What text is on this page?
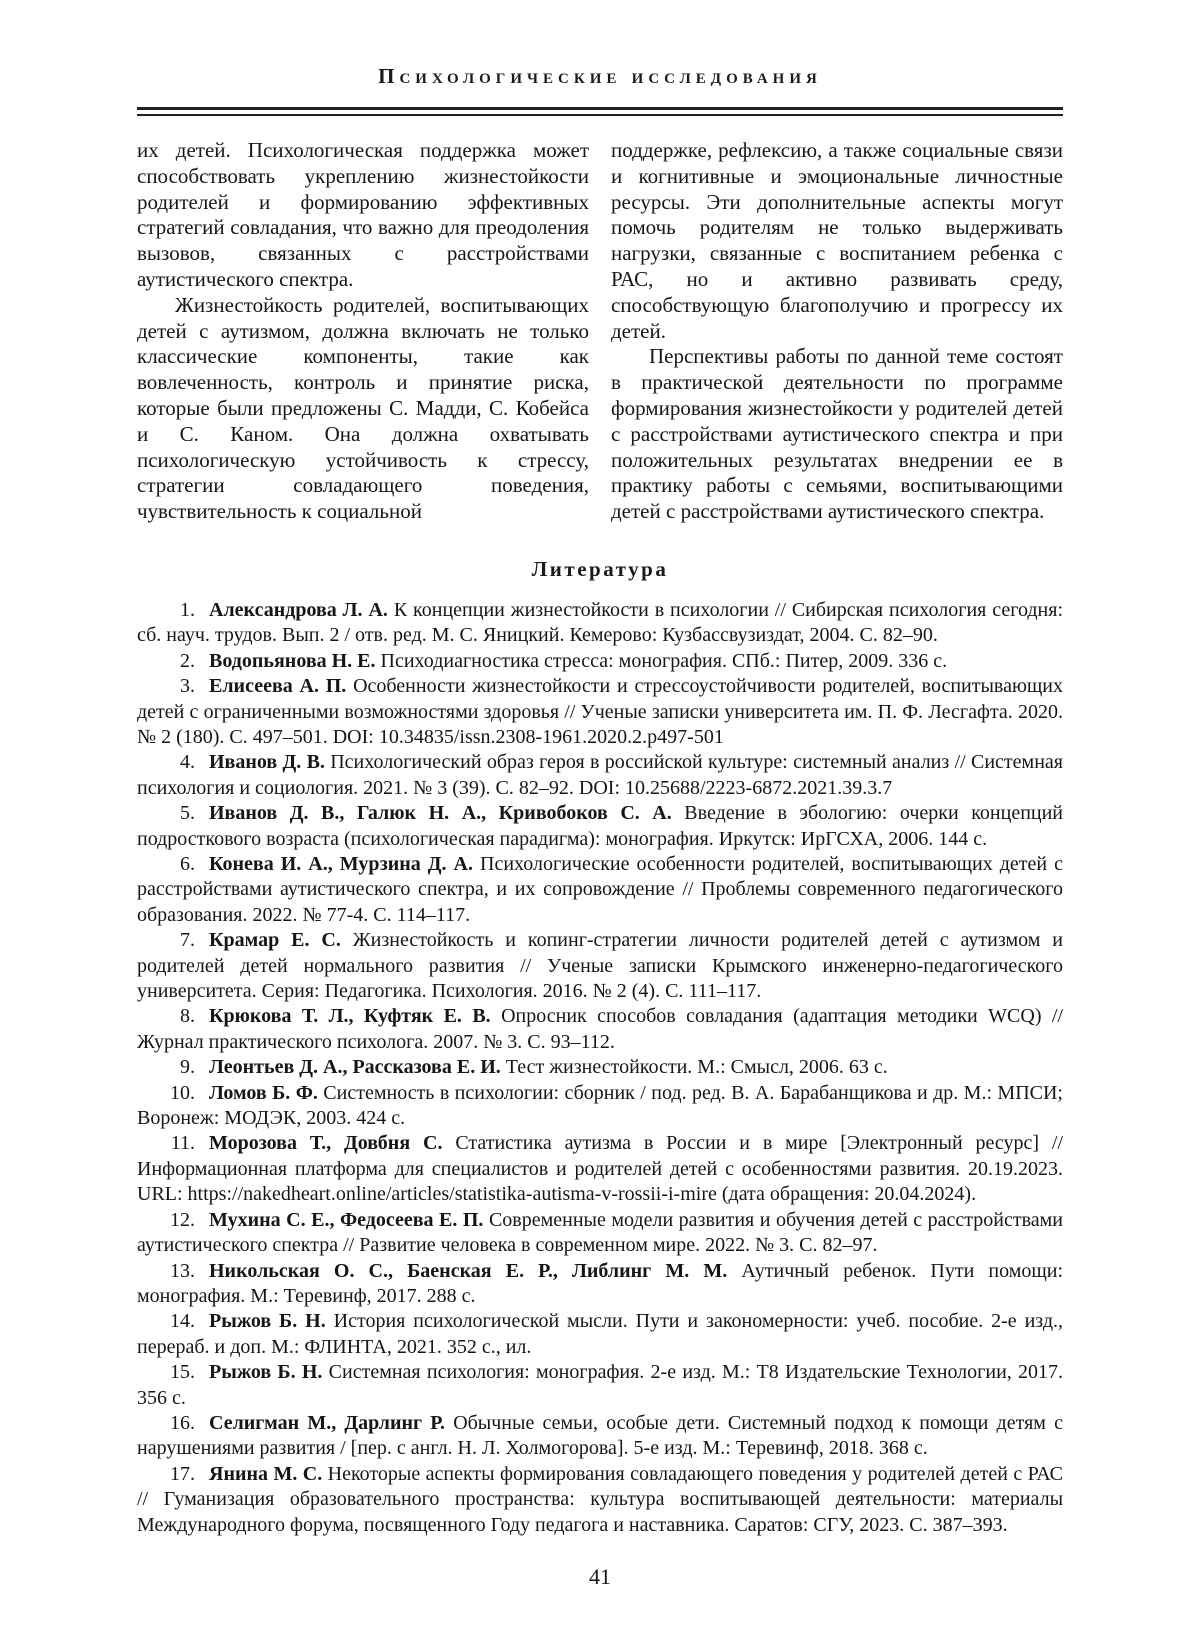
Психологические исследования

их детей. Психологическая поддержка может способствовать укреплению жизнестойкости родителей и формированию эффективных стратегий совладания, что важно для преодоления вызовов, связанных с расстройствами аутистического спектра.

Жизнестойкость родителей, воспитывающих детей с аутизмом, должна включать не только классические компоненты, такие как вовлеченность, контроль и принятие риска, которые были предложены С. Мадди, С. Кобейса и С. Каном. Она должна охватывать психологическую устойчивость к стрессу, стратегии совладающего поведения, чувствительность к социальной

поддержке, рефлексию, а также социальные связи и когнитивные и эмоциональные личностные ресурсы. Эти дополнительные аспекты могут помочь родителям не только выдерживать нагрузки, связанные с воспитанием ребенка с РАС, но и активно развивать среду, способствующую благополучию и прогрессу их детей.

Перспективы работы по данной теме состоят в практической деятельности по программе формирования жизнестойкости у родителей детей с расстройствами аутистического спектра и при положительных результатах внедрении ее в практику работы с семьями, воспитывающими детей с расстройствами аутистического спектра.

Литература

1. Александрова Л. А. К концепции жизнестойкости в психологии // Сибирская психология сегодня: сб. науч. трудов. Вып. 2 / отв. ред. М. С. Яницкий. Кемерово: Кузбассвузиздат, 2004. С. 82–90.

2. Водопьянова Н. Е. Психодиагностика стресса: монография. СПб.: Питер, 2009. 336 с.

3. Елисеева А. П. Особенности жизнестойкости и стрессоустойчивости родителей, воспитывающих детей с ограниченными возможностями здоровья // Ученые записки университета им. П. Ф. Лесгафта. 2020. № 2 (180). С. 497–501. DOI: 10.34835/issn.2308-1961.2020.2.p497-501

4. Иванов Д. В. Психологический образ героя в российской культуре: системный анализ // Системная психология и социология. 2021. № 3 (39). С. 82–92. DOI: 10.25688/2223-6872.2021.39.3.7

5. Иванов Д. В., Галюк Н. А., Кривобоков С. А. Введение в эбологию: очерки концепций подросткового возраста (психологическая парадигма): монография. Иркутск: ИрГСХА, 2006. 144 с.

6. Конева И. А., Мурзина Д. А. Психологические особенности родителей, воспитывающих детей с расстройствами аутистического спектра, и их сопровождение // Проблемы современного педагогического образования. 2022. № 77-4. С. 114–117.

7. Крамар Е. С. Жизнестойкость и копинг-стратегии личности родителей детей с аутизмом и родителей детей нормального развития // Ученые записки Крымского инженерно-педагогического университета. Серия: Педагогика. Психология. 2016. № 2 (4). С. 111–117.

8. Крюкова Т. Л., Куфтяк Е. В. Опросник способов совладания (адаптация методики WCQ) // Журнал практического психолога. 2007. № 3. С. 93–112.

9. Леонтьев Д. А., Рассказова Е. И. Тест жизнестойкости. М.: Смысл, 2006. 63 с.

10. Ломов Б. Ф. Системность в психологии: сборник / под. ред. В. А. Барабанщикова и др. М.: МПСИ; Воронеж: МОДЭК, 2003. 424 с.

11. Морозова Т., Довбня С. Статистика аутизма в России и в мире [Электронный ресурс] // Информационная платформа для специалистов и родителей детей с особенностями развития. 20.19.2023. URL: https://nakedheart.online/articles/statistika-autisma-v-rossii-i-mire (дата обращения: 20.04.2024).

12. Мухина С. Е., Федосеева Е. П. Современные модели развития и обучения детей с расстройствами аутистического спектра // Развитие человека в современном мире. 2022. № 3. С. 82–97.

13. Никольская О. С., Баенская Е. Р., Либлинг М. М. Аутичный ребенок. Пути помощи: монография. М.: Теревинф, 2017. 288 с.

14. Рыжов Б. Н. История психологической мысли. Пути и закономерности: учеб. пособие. 2-е изд., перераб. и доп. М.: ФЛИНТА, 2021. 352 с., ил.

15. Рыжов Б. Н. Системная психология: монография. 2-е изд. М.: Т8 Издательские Технологии, 2017. 356 с.

16. Селигман М., Дарлинг Р. Обычные семьи, особые дети. Системный подход к помощи детям с нарушениями развития / [пер. с англ. Н. Л. Холмогорова]. 5-е изд. М.: Теревинф, 2018. 368 с.

17. Янина М. С. Некоторые аспекты формирования совладающего поведения у родителей детей с РАС // Гуманизация образовательного пространства: культура воспитывающей деятельности: материалы Международного форума, посвященного Году педагога и наставника. Саратов: СГУ, 2023. С. 387–393.

41
